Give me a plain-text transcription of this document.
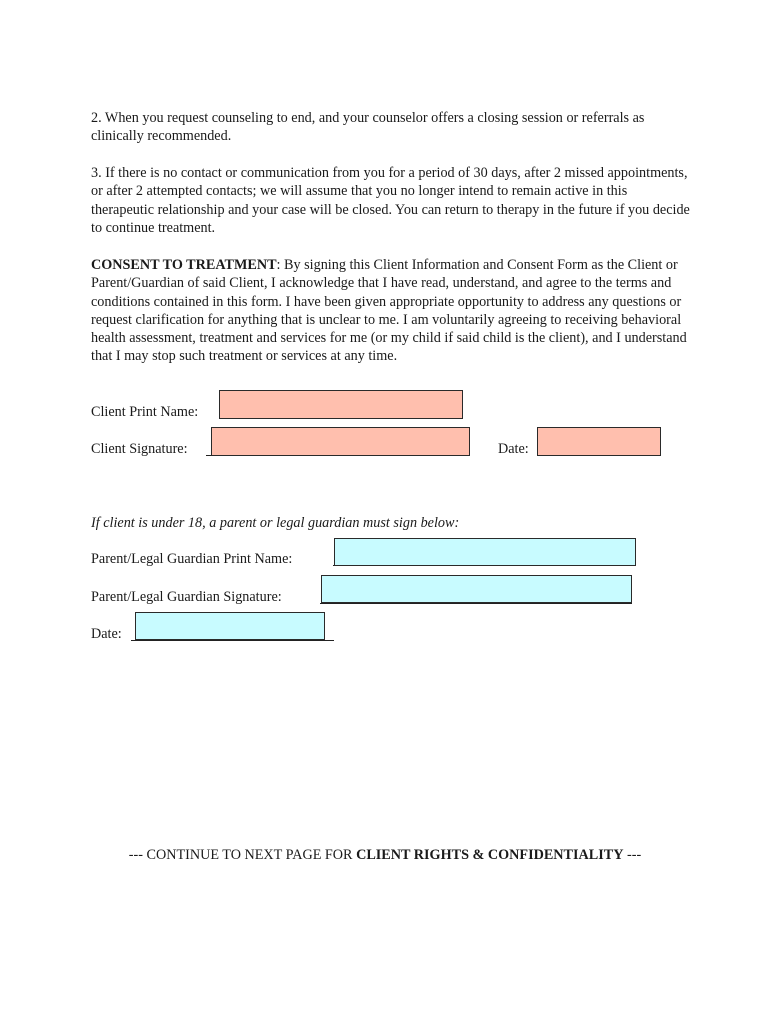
2. When you request counseling to end, and your counselor offers a closing session or referrals as clinically recommended.

3. If there is no contact or communication from you for a period of 30 days, after 2 missed appointments, or after 2 attempted contacts; we will assume that you no longer intend to remain active in this therapeutic relationship and your case will be closed. You can return to therapy in the future if you decide to continue treatment.

CONSENT TO TREATMENT: By signing this Client Information and Consent Form as the Client or Parent/Guardian of said Client, I acknowledge that I have read, understand, and agree to the terms and conditions contained in this form. I have been given appropriate opportunity to address any questions or request clarification for anything that is unclear to me. I am voluntarily agreeing to receiving behavioral health assessment, treatment and services for me (or my child if said child is the client), and I understand that I may stop such treatment or services at any time.

Client Print Name:
Client Signature:	Date:
If client is under 18, a parent or legal guardian must sign below:
Parent/Legal Guardian Print Name:
Parent/Legal Guardian Signature:
Date:
--- CONTINUE TO NEXT PAGE FOR CLIENT RIGHTS & CONFIDENTIALITY ---
